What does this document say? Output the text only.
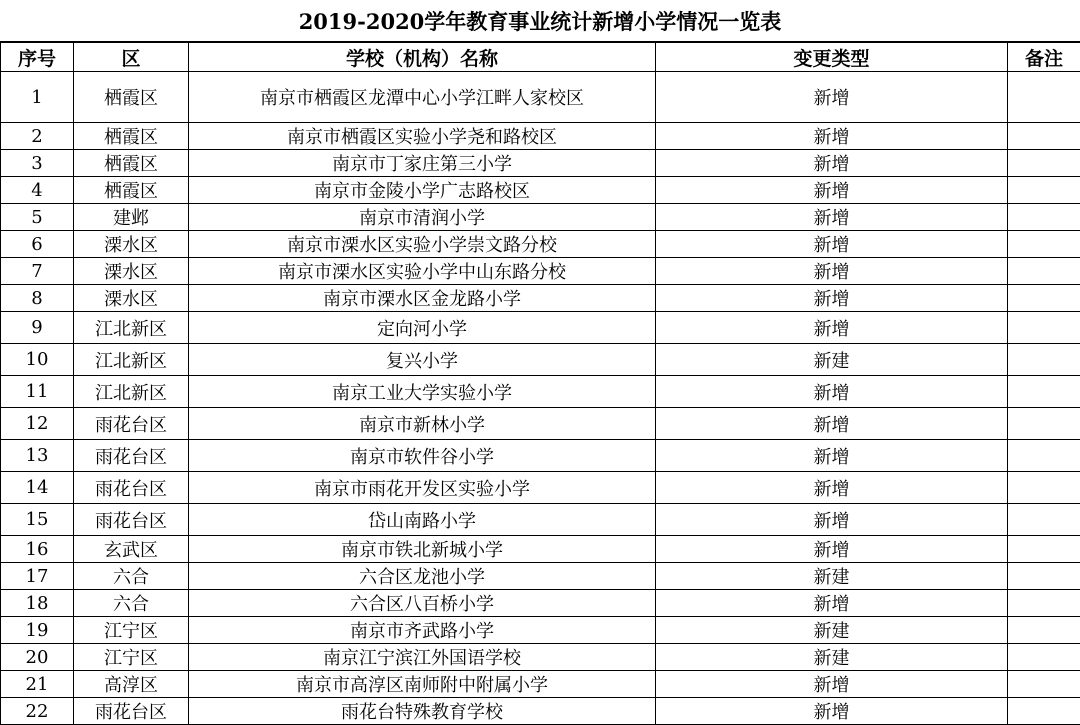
2019-2020学年教育事业统计新增小学情况一览表
序号	区	学校（机构）名称	变更类型	备注
1	栖霞区	南京市栖霞区龙潭中心小学江畔人家校区	新增	
2	栖霞区	南京市栖霞区实验小学尧和路校区	新增	
3	栖霞区	南京市丁家庄第三小学	新增	
4	栖霞区	南京市金陵小学广志路校区	新增	
5	建邺	南京市清润小学	新增	
6	溧水区	南京市溧水区实验小学崇文路分校	新增	
7	溧水区	南京市溧水区实验小学中山东路分校	新增	
8	溧水区	南京市溧水区金龙路小学	新增	
9	江北新区	定向河小学	新增	
10	江北新区	复兴小学	新建	
11	江北新区	南京工业大学实验小学	新增	
12	雨花台区	南京市新林小学	新增	
13	雨花台区	南京市软件谷小学	新增	
14	雨花台区	南京市雨花开发区实验小学	新增	
15	雨花台区	岱山南路小学	新增	
16	玄武区	南京市铁北新城小学	新增	
17	六合	六合区龙池小学	新建	
18	六合	六合区八百桥小学	新增	
19	江宁区	南京市齐武路小学	新建	
20	江宁区	南京江宁滨江外国语学校	新建	
21	高淳区	南京市高淳区南师附中附属小学	新增	
22	雨花台区	雨花台特殊教育学校	新增	
